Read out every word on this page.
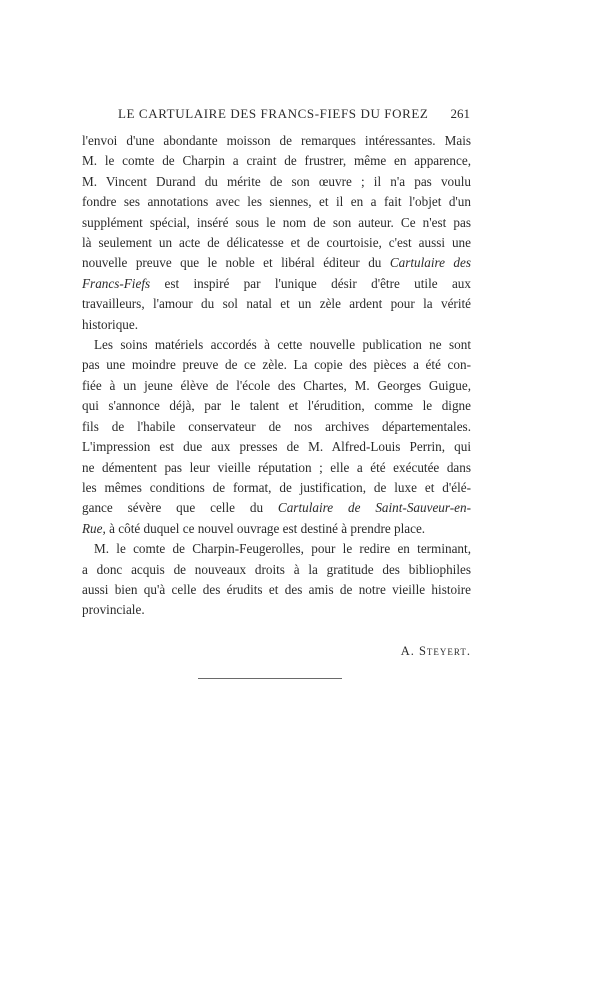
LE CARTULAIRE DES FRANCS-FIEFS DU FOREZ 261
l'envoi d'une abondante moisson de remarques intéressantes. Mais
M. le comte de Charpin a craint de frustrer, même en apparence,
M. Vincent Durand du mérite de son œuvre ; il n'a pas voulu
fondre ses annotations avec les siennes, et il en a fait l'objet d'un
supplément spécial, inséré sous le nom de son auteur. Ce n'est pas
là seulement un acte de délicatesse et de courtoisie, c'est aussi une
nouvelle preuve que le noble et libéral éditeur du Cartulaire des
Francs-Fiefs est inspiré par l'unique désir d'être utile aux
travailleurs, l'amour du sol natal et un zèle ardent pour la vérité
historique.
Les soins matériels accordés à cette nouvelle publication ne sont
pas une moindre preuve de ce zèle. La copie des pièces a été con-
fiée à un jeune élève de l'école des Chartes, M. Georges Guigue,
qui s'annonce déjà, par le talent et l'érudition, comme le digne
fils de l'habile conservateur de nos archives départementales.
L'impression est due aux presses de M. Alfred-Louis Perrin, qui
ne démentent pas leur vieille réputation ; elle a été exécutée dans
les mêmes conditions de format, de justification, de luxe et d'élé-
gance sévère que celle du Cartulaire de Saint-Sauveur-en-
Rue, à côté duquel ce nouvel ouvrage est destiné à prendre place.
M. le comte de Charpin-Feugerolles, pour le redire en terminant,
a donc acquis de nouveaux droits à la gratitude des bibliophiles
aussi bien qu'à celle des érudits et des amis de notre vieille histoire
provinciale.
A. Steyert.
